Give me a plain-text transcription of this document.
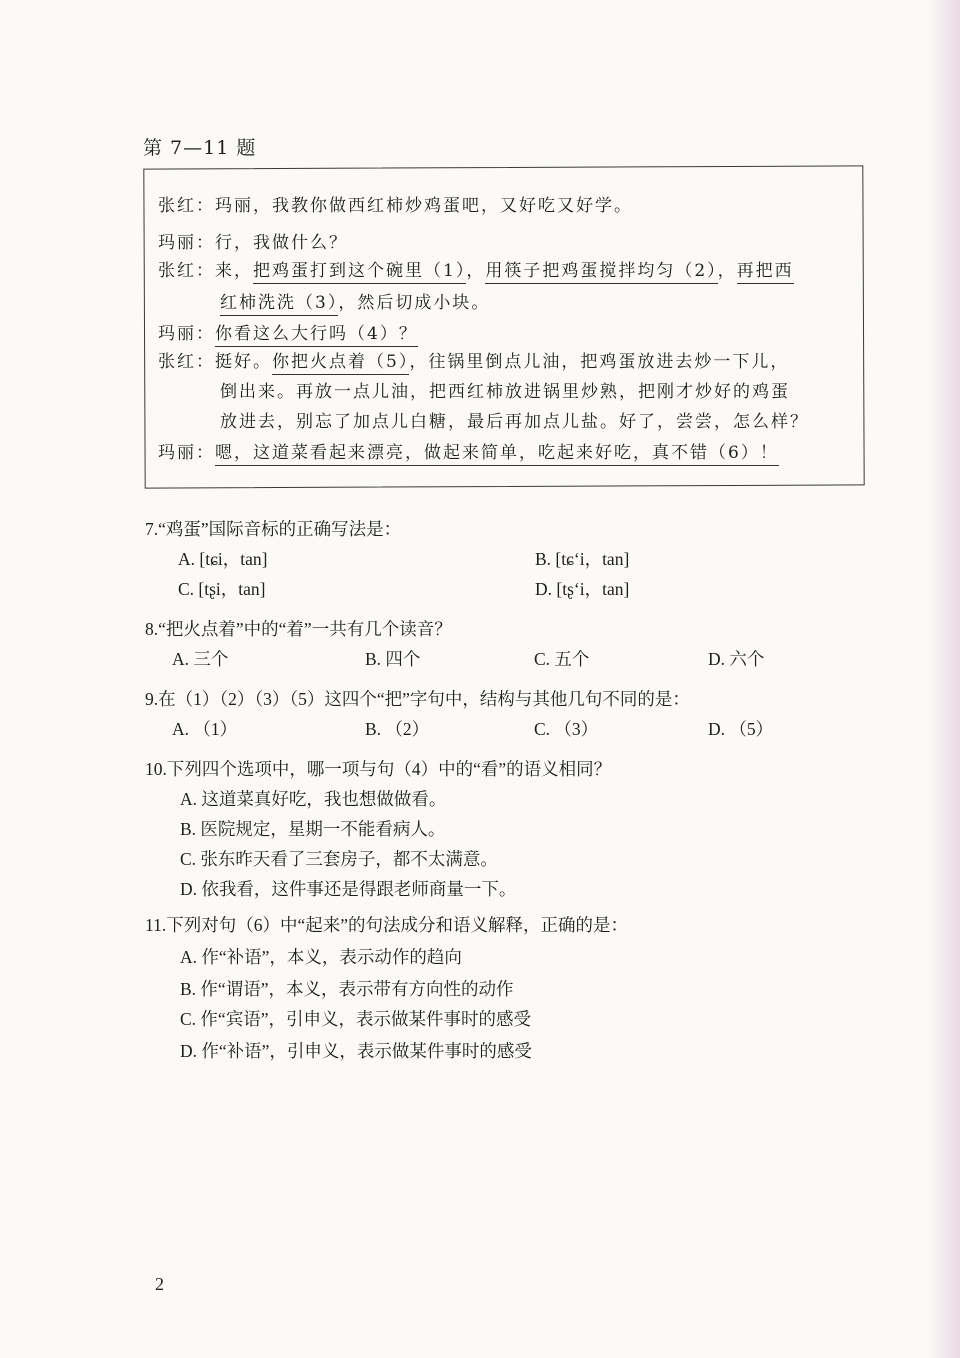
第 7—11 题
张红：玛丽，我教你做西红柿炒鸡蛋吧，又好吃又好学。
玛丽：行，我做什么？
张红：来，把鸡蛋打到这个碗里（1），用筷子把鸡蛋搅拌均匀（2），再把西
红柿洗洗（3），然后切成小块。
玛丽：你看这么大行吗（4）？
张红：挺好。你把火点着（5），往锅里倒点儿油，把鸡蛋放进去炒一下儿，
倒出来。再放一点儿油，把西红柿放进锅里炒熟，把刚才炒好的鸡蛋
放进去，别忘了加点儿白糖，最后再加点儿盐。好了，尝尝，怎么样？
玛丽：嗯，这道菜看起来漂亮，做起来简单，吃起来好吃，真不错（6）！
7.“鸡蛋”国际音标的正确写法是：
A. [tɕi，tan]	B. [tɕʻi，tan]
C. [tʂi，tan]	D. [tʂʻi，tan]
8.“把火点着”中的“着”一共有几个读音？
A. 三个	B. 四个	C. 五个	D. 六个
9.在（1）（2）（3）（5）这四个“把”字句中，结构与其他几句不同的是：
A. （1）	B. （2）	C. （3）	D. （5）
10.下列四个选项中，哪一项与句（4）中的“看”的语义相同？
A. 这道菜真好吃，我也想做做看。
B. 医院规定，星期一不能看病人。
C. 张东昨天看了三套房子，都不太满意。
D. 依我看，这件事还是得跟老师商量一下。
11.下列对句（6）中“起来”的句法成分和语义解释，正确的是：
A. 作“补语”，本义，表示动作的趋向
B. 作“谓语”，本义，表示带有方向性的动作
C. 作“宾语”，引申义，表示做某件事时的感受
D. 作“补语”，引申义，表示做某件事时的感受
2
